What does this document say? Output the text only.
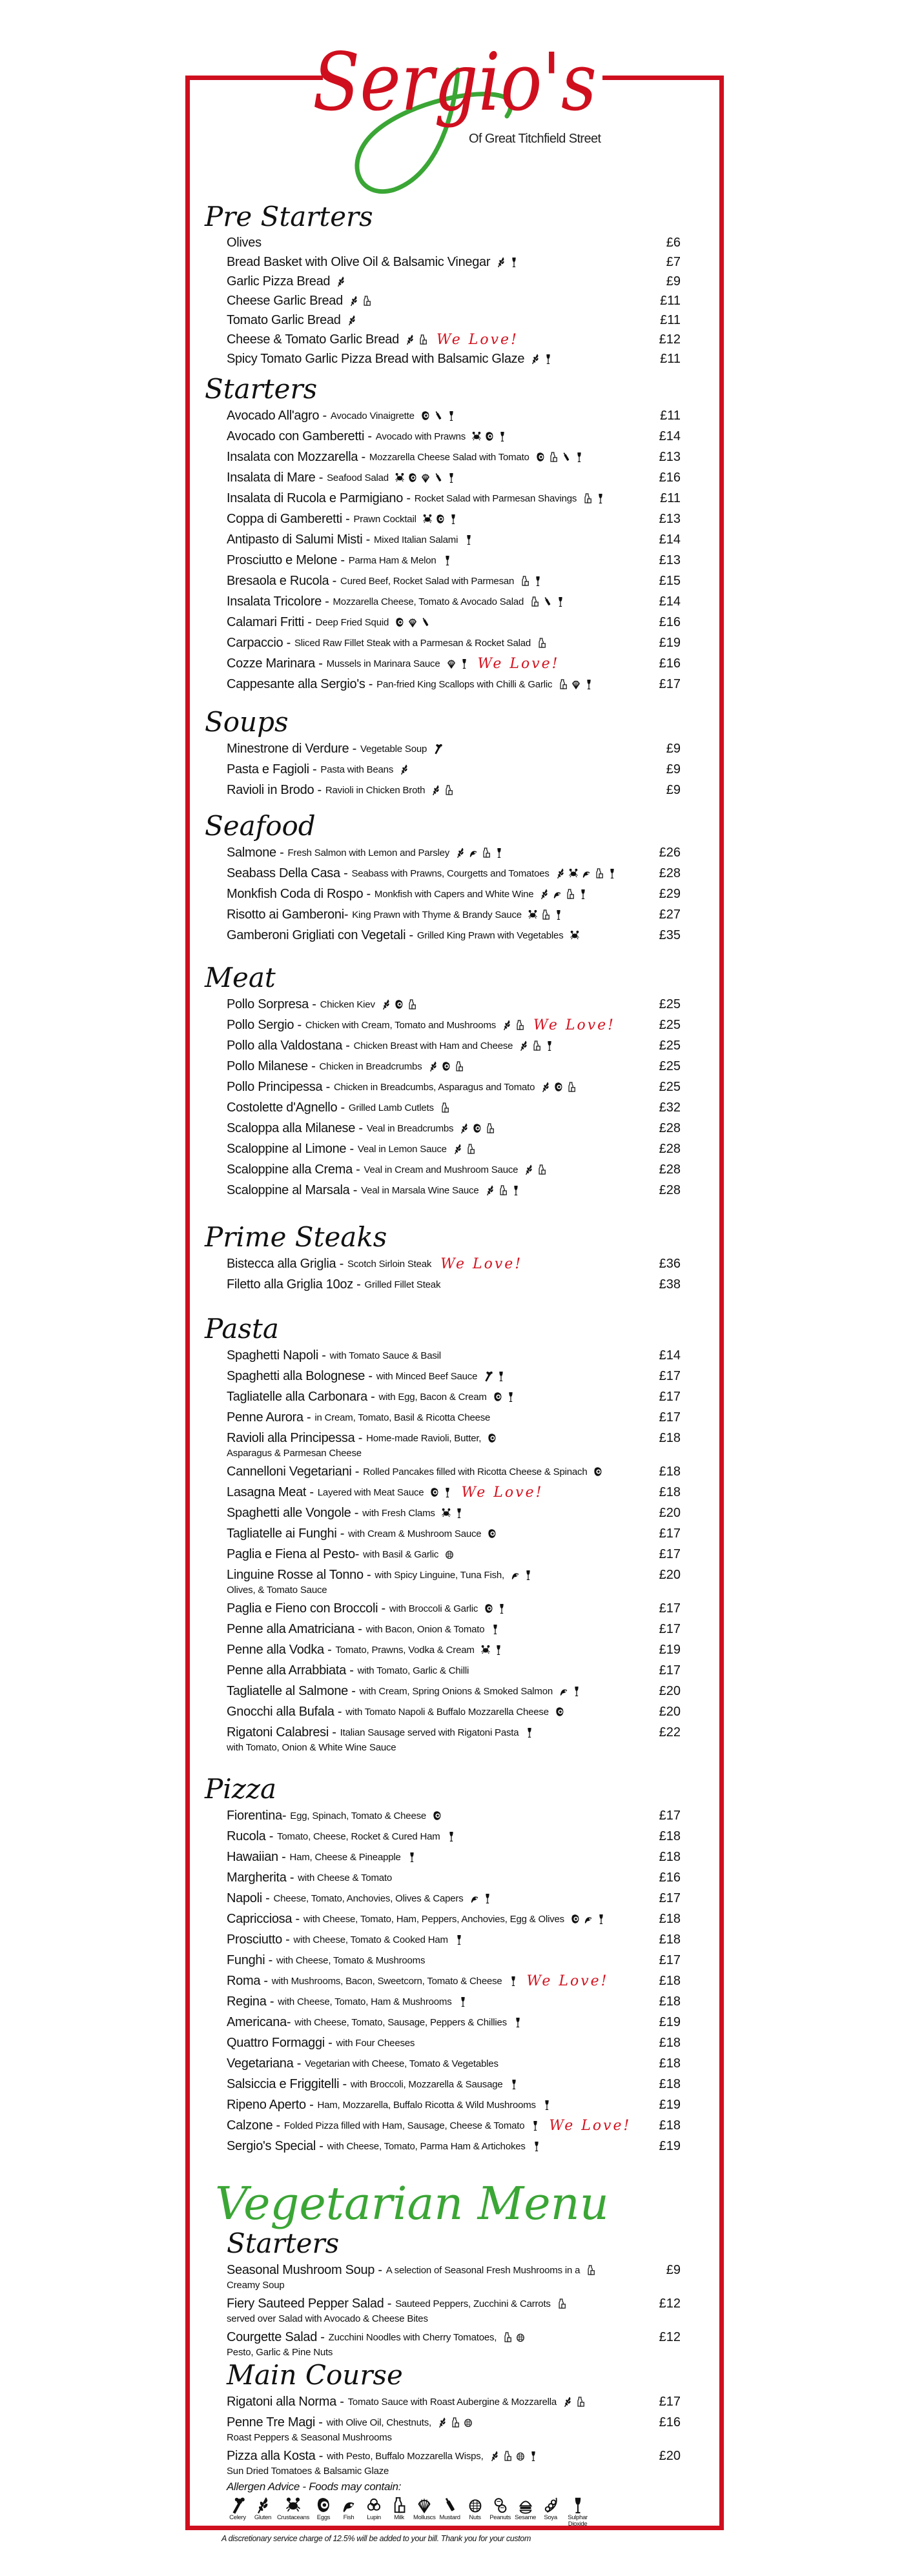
Sergio's
Of Great Titchfield Street
Pre Starters
Olives	£6
Bread Basket with Olive Oil & Balsamic Vinegar	£7
Garlic Pizza Bread	£9
Cheese Garlic Bread	£11
Tomato Garlic Bread	£11
Cheese & Tomato Garlic Bread	We Love!	£12
Spicy Tomato Garlic Pizza Bread with Balsamic Glaze	£11
Starters
Avocado All'agro - Avocado Vinaigrette	£11
Avocado con Gamberetti - Avocado with Prawns	£14
Insalata con Mozzarella - Mozzarella Cheese Salad with Tomato	£13
Insalata di Mare - Seafood Salad	£16
Insalata di Rucola e Parmigiano - Rocket Salad with Parmesan Shavings	£11
Coppa di Gamberetti - Prawn Cocktail	£13
Antipasto di Salumi Misti - Mixed Italian Salami	£14
Prosciutto e Melone - Parma Ham & Melon	£13
Bresaola e Rucola - Cured Beef, Rocket Salad with Parmesan	£15
Insalata Tricolore - Mozzarella Cheese, Tomato & Avocado Salad	£14
Calamari Fritti - Deep Fried Squid	£16
Carpaccio - Sliced Raw Fillet Steak with a Parmesan & Rocket Salad	£19
Cozze Marinara - Mussels in Marinara Sauce	We Love!	£16
Cappesante alla Sergio's - Pan-fried King Scallops with Chilli & Garlic	£17
Soups
Minestrone di Verdure - Vegetable Soup	£9
Pasta e Fagioli - Pasta with Beans	£9
Ravioli in Brodo - Ravioli in Chicken Broth	£9
Seafood
Salmone - Fresh Salmon with Lemon and Parsley	£26
Seabass Della Casa - Seabass with Prawns, Courgetts and Tomatoes	£28
Monkfish Coda di Rospo - Monkfish with Capers and White Wine	£29
Risotto ai Gamberoni- King Prawn with Thyme & Brandy Sauce	£27
Gamberoni Grigliati con Vegetali - Grilled King Prawn with Vegetables	£35
Meat
Pollo Sorpresa - Chicken Kiev	£25
Pollo Sergio - Chicken with Cream, Tomato and Mushrooms	We Love!	£25
Pollo alla Valdostana - Chicken Breast with Ham and Cheese	£25
Pollo Milanese - Chicken in Breadcrumbs	£25
Pollo Principessa - Chicken in Breadcumbs, Asparagus and Tomato	£25
Costolette d'Agnello - Grilled Lamb Cutlets	£32
Scaloppa alla Milanese - Veal in Breadcrumbs	£28
Scaloppine al Limone - Veal in Lemon Sauce	£28
Scaloppine alla Crema - Veal in Cream and Mushroom Sauce	£28
Scaloppine al Marsala - Veal in Marsala Wine Sauce	£28
Prime Steaks
Bistecca alla Griglia - Scotch Sirloin Steak We Love!	£36
Filetto alla Griglia 10oz - Grilled Fillet Steak	£38
Pasta
Spaghetti Napoli - with Tomato Sauce & Basil	£14
Spaghetti alla Bolognese - with Minced Beef Sauce	£17
Tagliatelle alla Carbonara - with Egg, Bacon & Cream	£17
Penne Aurora - in Cream, Tomato, Basil & Ricotta Cheese	£17
Ravioli alla Principessa - Home-made Ravioli, Butter,	£18
Asparagus & Parmesan Cheese
Cannelloni Vegetariani - Rolled Pancakes filled with Ricotta Cheese & Spinach	£18
Lasagna Meat - Layered with Meat Sauce	We Love!	£18
Spaghetti alle Vongole - with Fresh Clams	£20
Tagliatelle ai Funghi - with Cream & Mushroom Sauce	£17
Paglia e Fiena al Pesto- with Basil & Garlic	£17
Linguine Rosse al Tonno - with Spicy Linguine, Tuna Fish,	£20
Olives, & Tomato Sauce
Paglia e Fieno con Broccoli - with Broccoli & Garlic	£17
Penne alla Amatriciana - with Bacon, Onion & Tomato	£17
Penne alla Vodka - Tomato, Prawns, Vodka & Cream	£19
Penne alla Arrabbiata - with Tomato, Garlic & Chilli	£17
Tagliatelle al Salmone - with Cream, Spring Onions & Smoked Salmon	£20
Gnocchi alla Bufala - with Tomato Napoli & Buffalo Mozzarella Cheese	£20
Rigatoni Calabresi - Italian Sausage served with Rigatoni Pasta	£22
with Tomato, Onion & White Wine Sauce
Pizza
Fiorentina- Egg, Spinach, Tomato & Cheese	£17
Rucola - Tomato, Cheese, Rocket & Cured Ham	£18
Hawaiian - Ham, Cheese & Pineapple	£18
Margherita - with Cheese & Tomato	£16
Napoli - Cheese, Tomato, Anchovies, Olives & Capers	£17
Capricciosa - with Cheese, Tomato, Ham, Peppers, Anchovies, Egg & Olives	£18
Prosciutto - with Cheese, Tomato & Cooked Ham	£18
Funghi - with Cheese, Tomato & Mushrooms	£17
Roma - with Mushrooms, Bacon, Sweetcorn, Tomato & Cheese We Love!	£18
Regina - with Cheese, Tomato, Ham & Mushrooms	£18
Americana- with Cheese, Tomato, Sausage, Peppers & Chillies	£19
Quattro Formaggi - with Four Cheeses	£18
Vegetariana - Vegetarian with Cheese, Tomato & Vegetables	£18
Salsiccia e Friggitelli - with Broccoli, Mozzarella & Sausage	£18
Ripeno Aperto - Ham, Mozzarella, Buffalo Ricotta & Wild Mushrooms	£19
Calzone - Folded Pizza filled with Ham, Sausage, Cheese & Tomato We Love! £18
Sergio's Special - with Cheese, Tomato, Parma Ham & Artichokes	£19
Vegetarian Menu
Starters
Seasonal Mushroom Soup - A selection of Seasonal Fresh Mushrooms in a	£9
Creamy Soup
Fiery Sauteed Pepper Salad - Sauteed Peppers, Zucchini & Carrots	£12
served over Salad with Avocado & Cheese Bites
Courgette Salad - Zucchini Noodles with Cherry Tomatoes,	£12
Pesto, Garlic & Pine Nuts
Main Course
Rigatoni alla Norma - Tomato Sauce with Roast Aubergine & Mozzarella	£17
Penne Tre Magi - with Olive Oil, Chestnuts,	£16
Roast Peppers & Seasonal Mushrooms
Pizza alla Kosta - with Pesto, Buffalo Mozzarella Wisps,	£20
Sun Dried Tomatoes & Balsamic Glaze
Allergen Advice - Foods may contain:
Celery Gluten Crustaceans Eggs Fish Lupin Milk Molluscs Mustard Nuts Peanuts Sesame Soya	Sulphar Dioxide
A discretionary service charge of 12.5% will be added to your bill. Thank you for your custom
